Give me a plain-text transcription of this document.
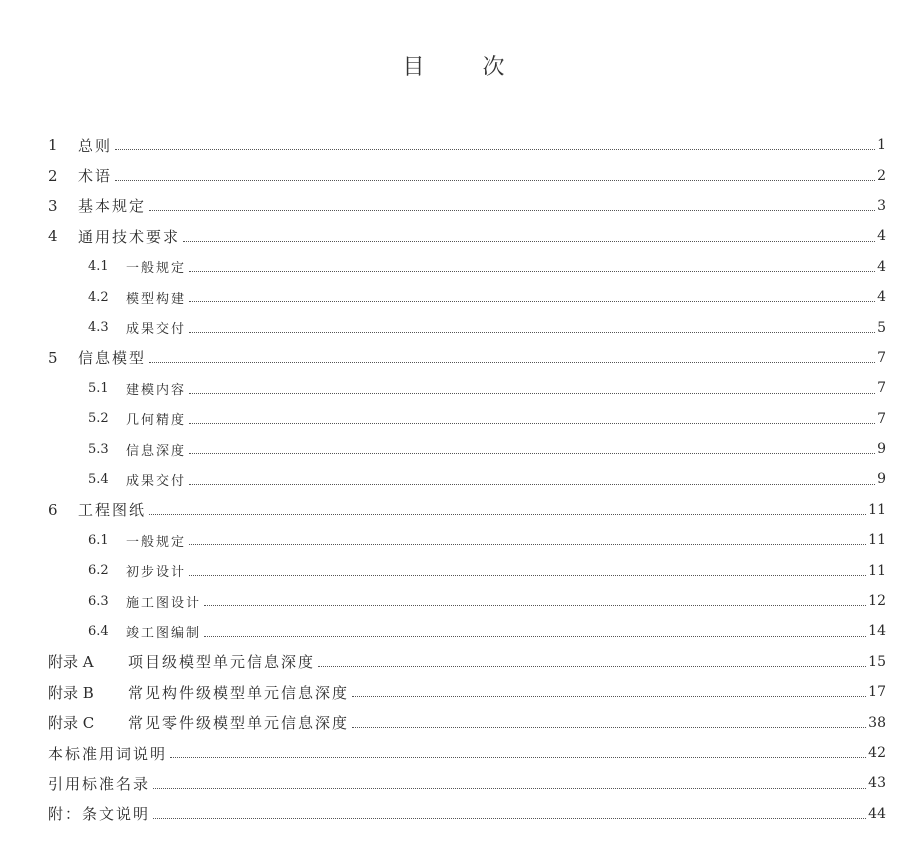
目	次
1	总则	1
2	术语	2
3	基本规定	3
4	通用技术要求	4
4.1	一般规定	4
4.2	模型构建	4
4.3	成果交付	5
5	信息模型	7
5.1	建模内容	7
5.2	几何精度	7
5.3	信息深度	9
5.4	成果交付	9
6	工程图纸	11
6.1	一般规定	11
6.2	初步设计	11
6.3	施工图设计	12
6.4	竣工图编制	14
附录 A	项目级模型单元信息深度	15
附录 B	常见构件级模型单元信息深度	17
附录 C	常见零件级模型单元信息深度	38
本标准用词说明	42
引用标准名录	43
附：条文说明	44
